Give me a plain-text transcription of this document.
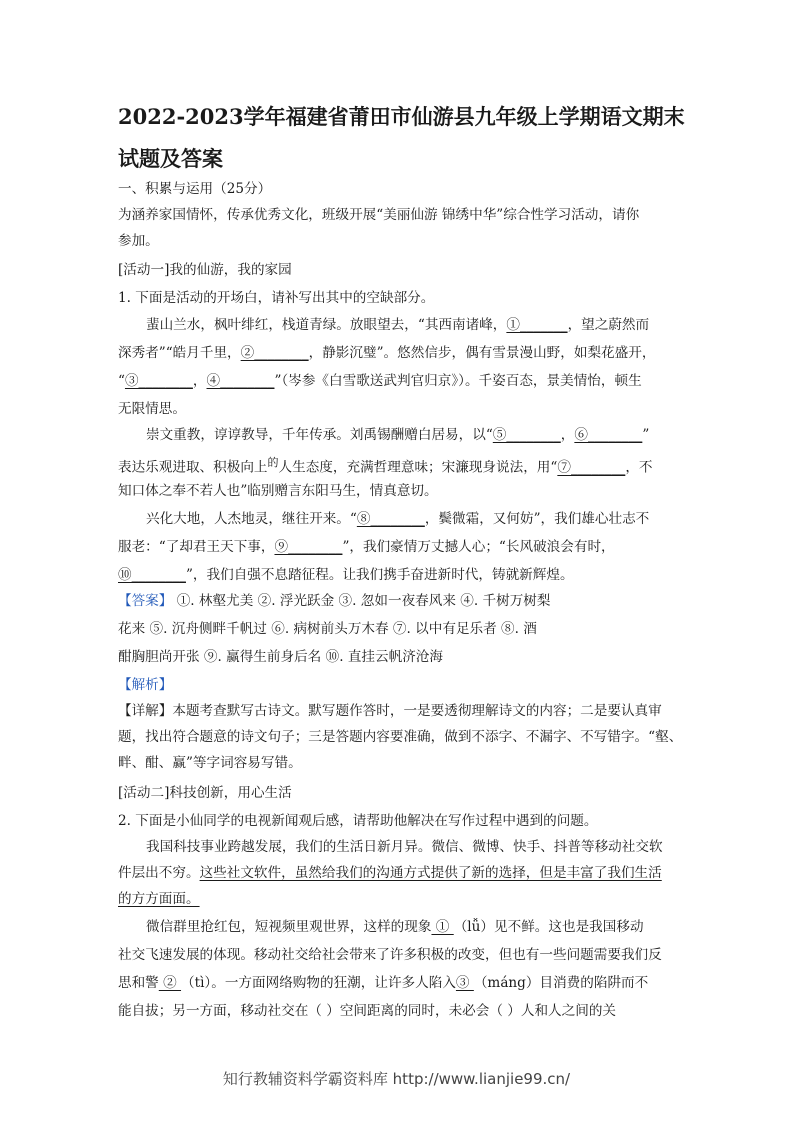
2022-2023学年福建省莆田市仙游县九年级上学期语文期末
试题及答案

一、积累与运用（25分）

为涵养家国情怀，传承优秀文化，班级开展“美丽仙游 锦绣中华”综合性学习活动，请你

参加。

[活动一]我的仙游，我的家园

1. 下面是活动的开场白，请补写出其中的空缺部分。

蜚山兰水，枫叶绯红，栈道青绿。放眼望去，“其西南诸峰，①_______，望之蔚然而

深秀者”“皓月千里，②________，静影沉璧”。悠然信步，偶有雪景漫山野，如梨花盛开，

“③________，④________”（岑参《白雪歌送武判官归京》）。千姿百态，景美情怡，顿生

无限情思。

崇文重教，谆谆教导，千年传承。刘禹锡酬赠白居易，以“⑤________，⑥________”

表达乐观进取、积极向上$^的$人生态度，充满哲理意味；宋濂现身说法，用“⑦________，不

知口体之奉不若人也”临别赠言东阳马生，情真意切。

兴化大地，人杰地灵，继往开来。“⑧________，鬓微霜，又何妨”，我们雄心壮志不

服老：“了却君王天下事，⑨________”，我们豪情万丈撼人心；“长风破浪会有时，

⑩________”，我们自强不息踏征程。让我们携手奋进新时代，铸就新辉煌。

【答案】 ①. 林壑尤美 ②. 浮光跃金 ③. 忽如一夜春风来 ④. 千树万树梨

花来 ⑤. 沉舟侧畔千帆过 ⑥. 病树前头万木春 ⑦. 以中有足乐者 ⑧. 酒

酣胸胆尚开张 ⑨. 赢得生前身后名 ⑩. 直挂云帆济沧海

【解析】

【详解】本题考查默写古诗文。默写题作答时，一是要透彻理解诗文的内容；二是要认真审

题，找出符合题意的诗文句子；三是答题内容要准确，做到不添字、不漏字、不写错字。“壑、

畔、酣、赢”等字词容易写错。

[活动二]科技创新，用心生活

2. 下面是小仙同学的电视新闻观后感，请帮助他解决在写作过程中遇到的问题。

我国科技事业跨越发展，我们的生活日新月异。微信、微博、快手、抖普等移动社交软

件层出不穷。这些社文软件，虽然给我们的沟通方式提供了新的选择，但是丰富了我们生活

的方方面面。

微信群里抢红包，短视频里观世界，这样的现象 ① （lǚ）见不鲜。这也是我国移动

社交飞速发展的体现。移动社交给社会带来了许多积极的改变，但也有一些问题需要我们反

思和警 ② （tì）。一方面网络购物的狂潮，让许多人陷入③ （máng）目消费的陷阱而不

能自拔；另一方面，移动社交在（ ）空间距离的同时，未必会（ ）人和人之间的关

知行教辅资料学霸资料库 http://www.lianjie99.cn/
